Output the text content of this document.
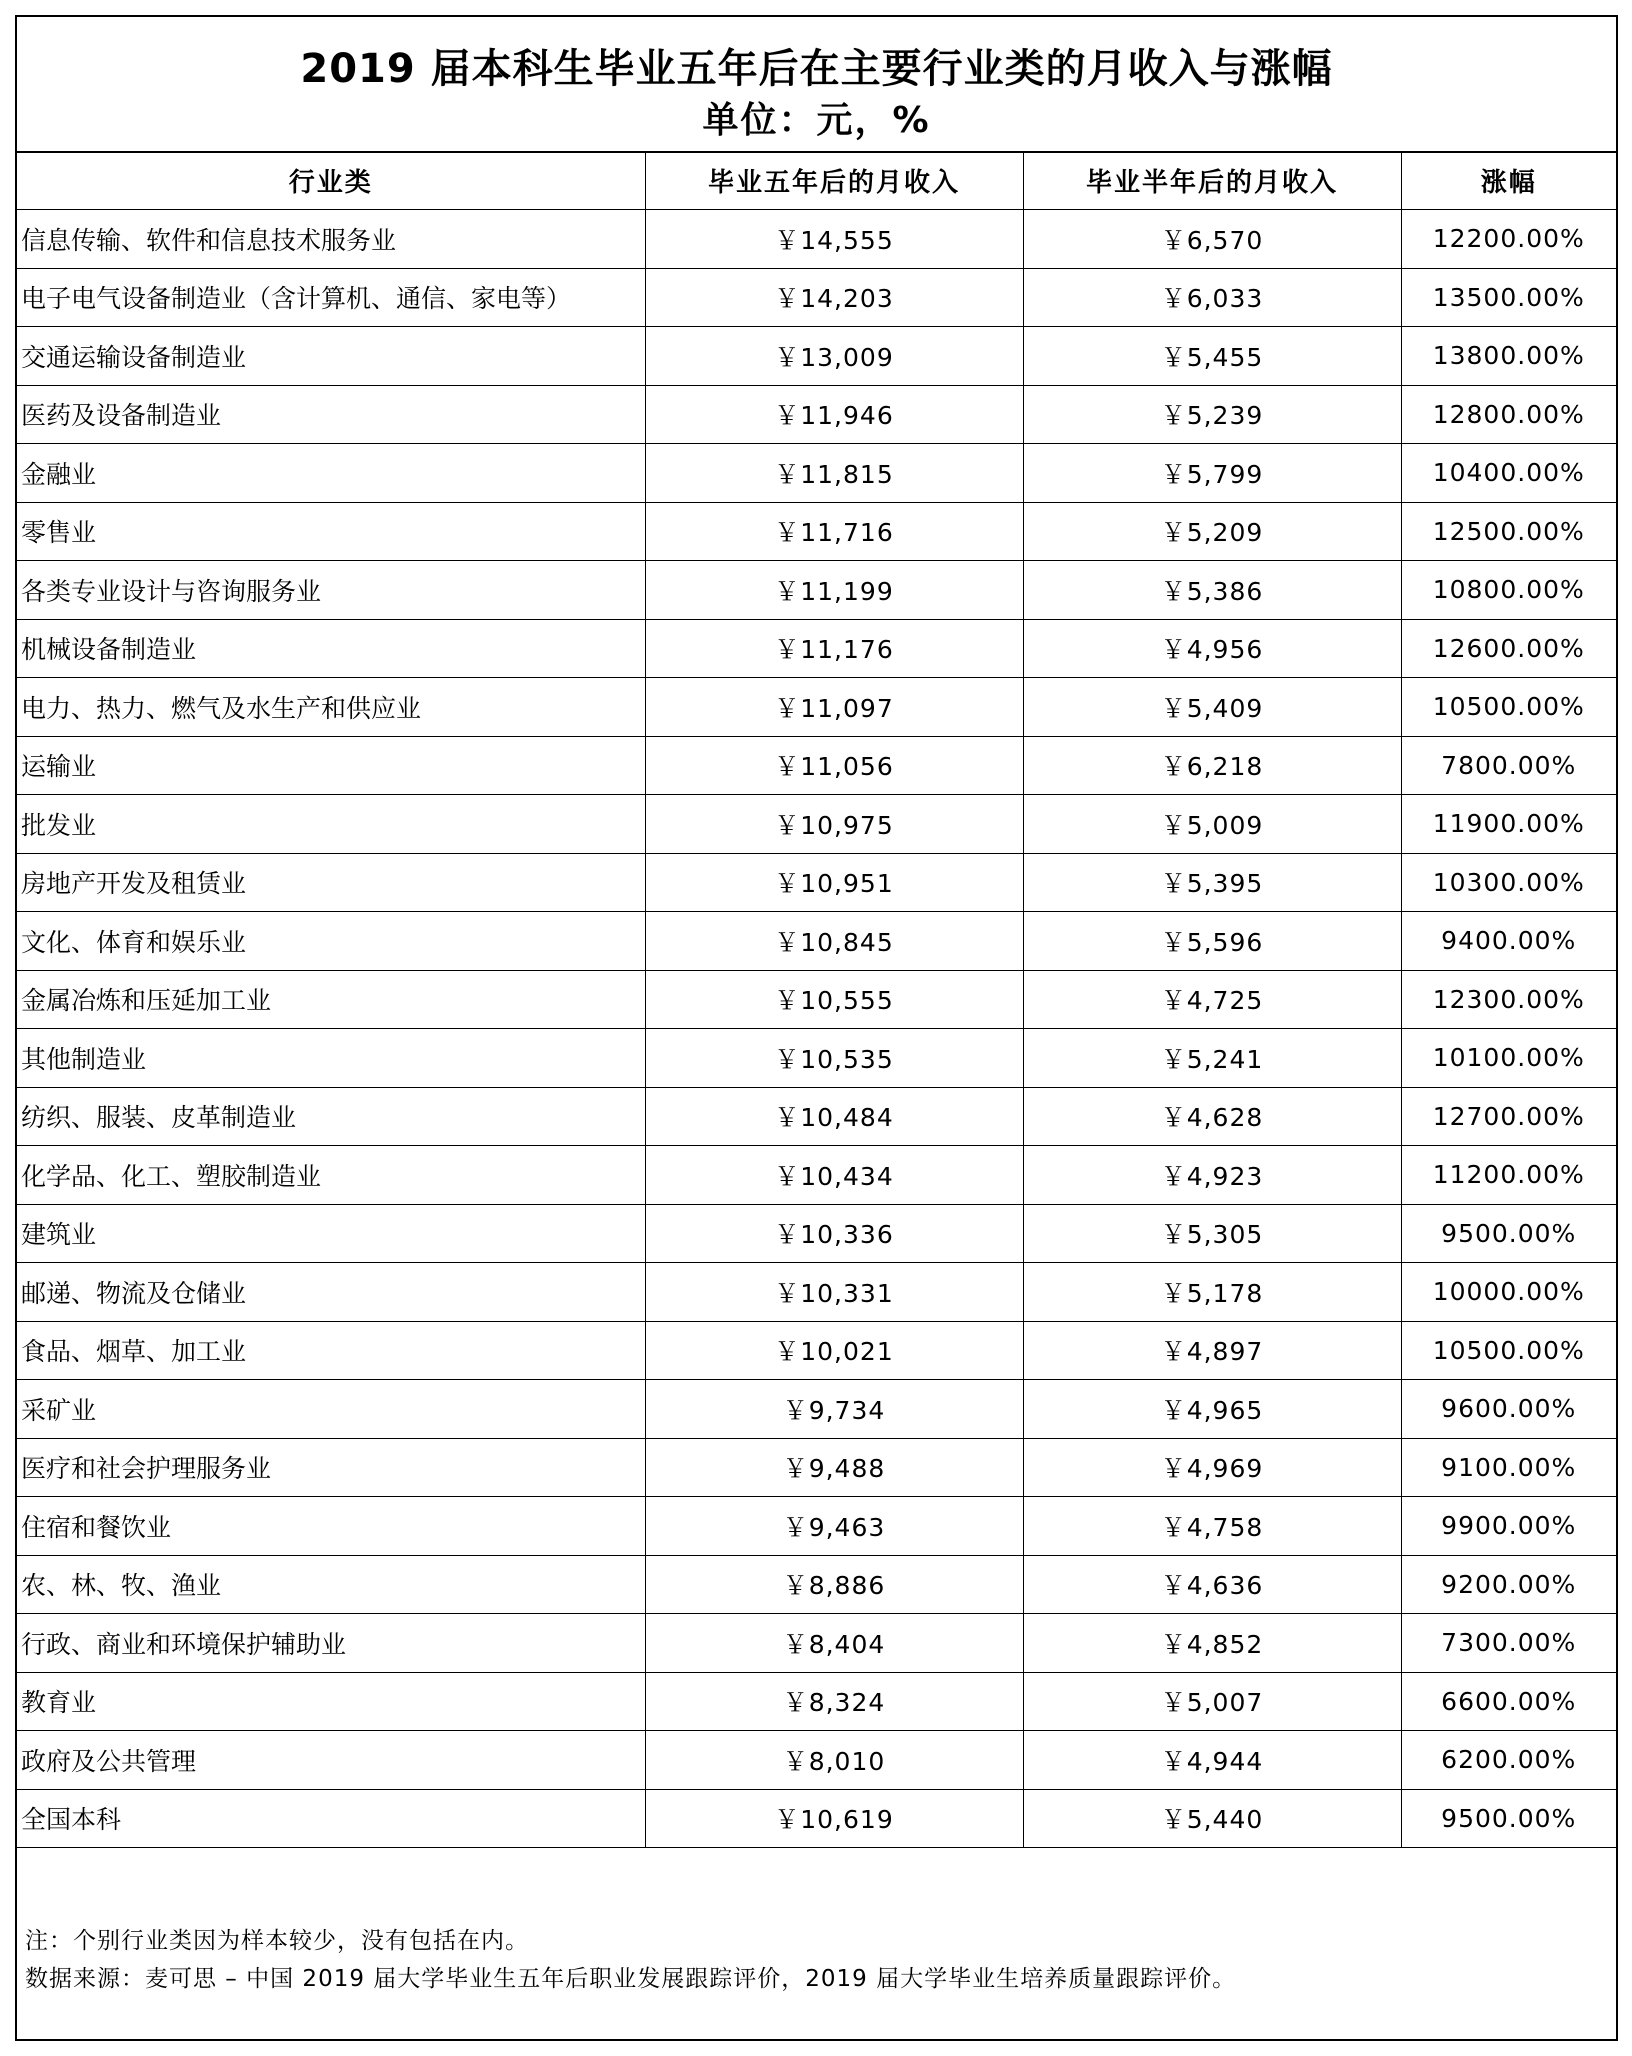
2019 届本科生毕业五年后在主要行业类的月收入与涨幅
单位：元，%
行业类	毕业五年后的月收入	毕业半年后的月收入	涨幅
信息传输、软件和信息技术服务业	￥14,555	￥6,570	12200.00%
电子电气设备制造业（含计算机、通信、家电等）	￥14,203	￥6,033	13500.00%
交通运输设备制造业	￥13,009	￥5,455	13800.00%
医药及设备制造业	￥11,946	￥5,239	12800.00%
金融业	￥11,815	￥5,799	10400.00%
零售业	￥11,716	￥5,209	12500.00%
各类专业设计与咨询服务业	￥11,199	￥5,386	10800.00%
机械设备制造业	￥11,176	￥4,956	12600.00%
电力、热力、燃气及水生产和供应业	￥11,097	￥5,409	10500.00%
运输业	￥11,056	￥6,218	7800.00%
批发业	￥10,975	￥5,009	11900.00%
房地产开发及租赁业	￥10,951	￥5,395	10300.00%
文化、体育和娱乐业	￥10,845	￥5,596	9400.00%
金属冶炼和压延加工业	￥10,555	￥4,725	12300.00%
其他制造业	￥10,535	￥5,241	10100.00%
纺织、服装、皮革制造业	￥10,484	￥4,628	12700.00%
化学品、化工、塑胶制造业	￥10,434	￥4,923	11200.00%
建筑业	￥10,336	￥5,305	9500.00%
邮递、物流及仓储业	￥10,331	￥5,178	10000.00%
食品、烟草、加工业	￥10,021	￥4,897	10500.00%
采矿业	￥9,734	￥4,965	9600.00%
医疗和社会护理服务业	￥9,488	￥4,969	9100.00%
住宿和餐饮业	￥9,463	￥4,758	9900.00%
农、林、牧、渔业	￥8,886	￥4,636	9200.00%
行政、商业和环境保护辅助业	￥8,404	￥4,852	7300.00%
教育业	￥8,324	￥5,007	6600.00%
政府及公共管理	￥8,010	￥4,944	6200.00%
全国本科	￥10,619	￥5,440	9500.00%
注：个别行业类因为样本较少，没有包括在内。
数据来源：麦可思 – 中国 2019 届大学毕业生五年后职业发展跟踪评价，2019 届大学毕业生培养质量跟踪评价。
